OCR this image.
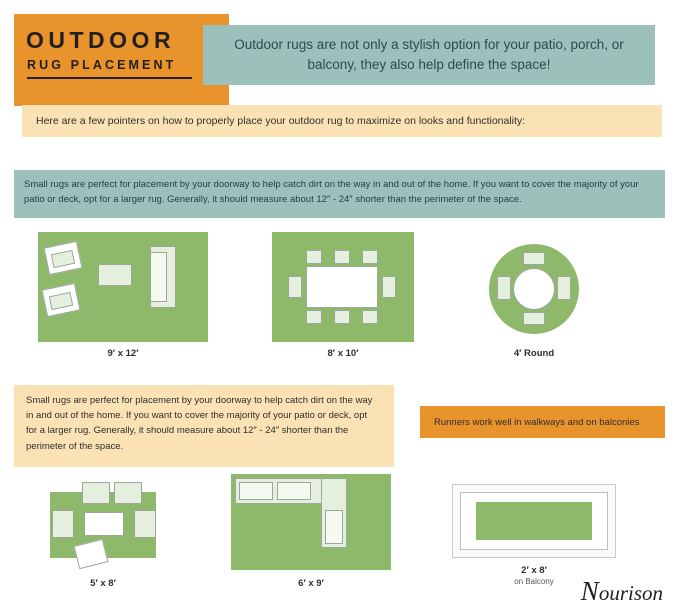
OUTDOOR
RUG PLACEMENT
Outdoor rugs are not only a stylish option for your patio, porch, or balcony, they also help define the space!
Here are a few pointers on how to properly place your outdoor rug to maximize on looks and functionality:
Small rugs are perfect for placement by your doorway to help catch dirt on the way in and out of the home. If you want to cover the majority of your patio or deck, opt for a larger rug. Generally, it should measure about 12″ - 24″ shorter than the perimeter of the space.
9′ x 12′	8′ x 10′	4′ Round
Small rugs are perfect for placement by your doorway to help catch dirt on the way in and out of the home. If you want to cover the majority of your patio or deck, opt for a larger rug. Generally, it should measure about 12″ - 24″ shorter than the perimeter of the space.
Runners work well in walkways and on balconies
5′ x 8′	6′ x 9′
2′ x 8′
on Balcony	Nourison
